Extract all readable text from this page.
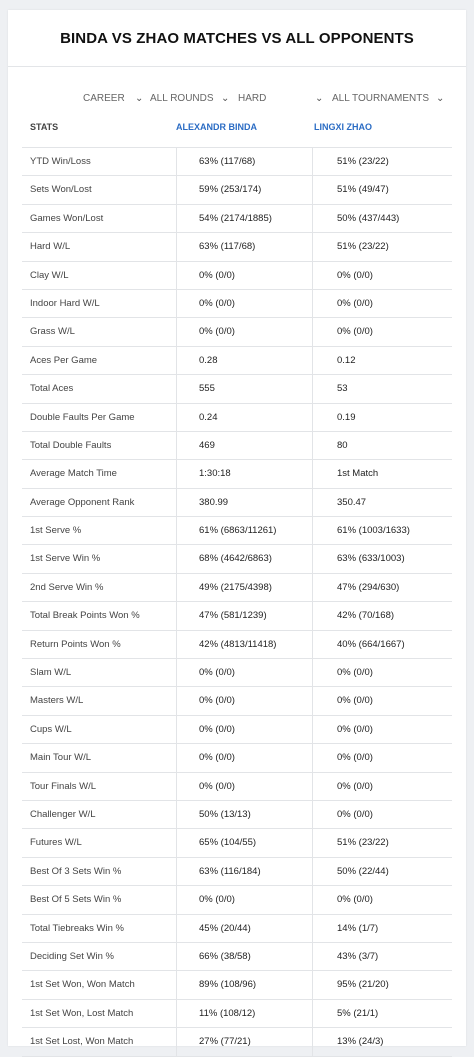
BINDA VS ZHAO MATCHES VS ALL OPPONENTS
CAREER ⌄ ALL ROUNDS ⌄ HARD	⌄ ALL TOURNAMENTS ⌄
STATS	ALEXANDR BINDA	LINGXI ZHAO
YTD Win/Loss	63% (117/68)	51% (23/22)
Sets Won/Lost	59% (253/174)	51% (49/47)
Games Won/Lost	54% (2174/1885)	50% (437/443)
Hard W/L	63% (117/68)	51% (23/22)
Clay W/L	0% (0/0)	0% (0/0)
Indoor Hard W/L	0% (0/0)	0% (0/0)
Grass W/L	0% (0/0)	0% (0/0)
Aces Per Game	0.28	0.12
Total Aces	555	53
Double Faults Per Game	0.24	0.19
Total Double Faults	469	80
Average Match Time	1:30:18	1st Match
Average Opponent Rank	380.99	350.47
1st Serve %	61% (6863/11261)	61% (1003/1633)
1st Serve Win %	68% (4642/6863)	63% (633/1003)
2nd Serve Win %	49% (2175/4398)	47% (294/630)
Total Break Points Won %	47% (581/1239)	42% (70/168)
Return Points Won %	42% (4813/11418)	40% (664/1667)
Slam W/L	0% (0/0)	0% (0/0)
Masters W/L	0% (0/0)	0% (0/0)
Cups W/L	0% (0/0)	0% (0/0)
Main Tour W/L	0% (0/0)	0% (0/0)
Tour Finals W/L	0% (0/0)	0% (0/0)
Challenger W/L	50% (13/13)	0% (0/0)
Futures W/L	65% (104/55)	51% (23/22)
Best Of 3 Sets Win %	63% (116/184)	50% (22/44)
Best Of 5 Sets Win %	0% (0/0)	0% (0/0)
Total Tiebreaks Win %	45% (20/44)	14% (1/7)
Deciding Set Win %	66% (38/58)	43% (3/7)
1st Set Won, Won Match	89% (108/96)	95% (21/20)
1st Set Won, Lost Match	11% (108/12)	5% (21/1)
1st Set Lost, Won Match	27% (77/21)	13% (24/3)
